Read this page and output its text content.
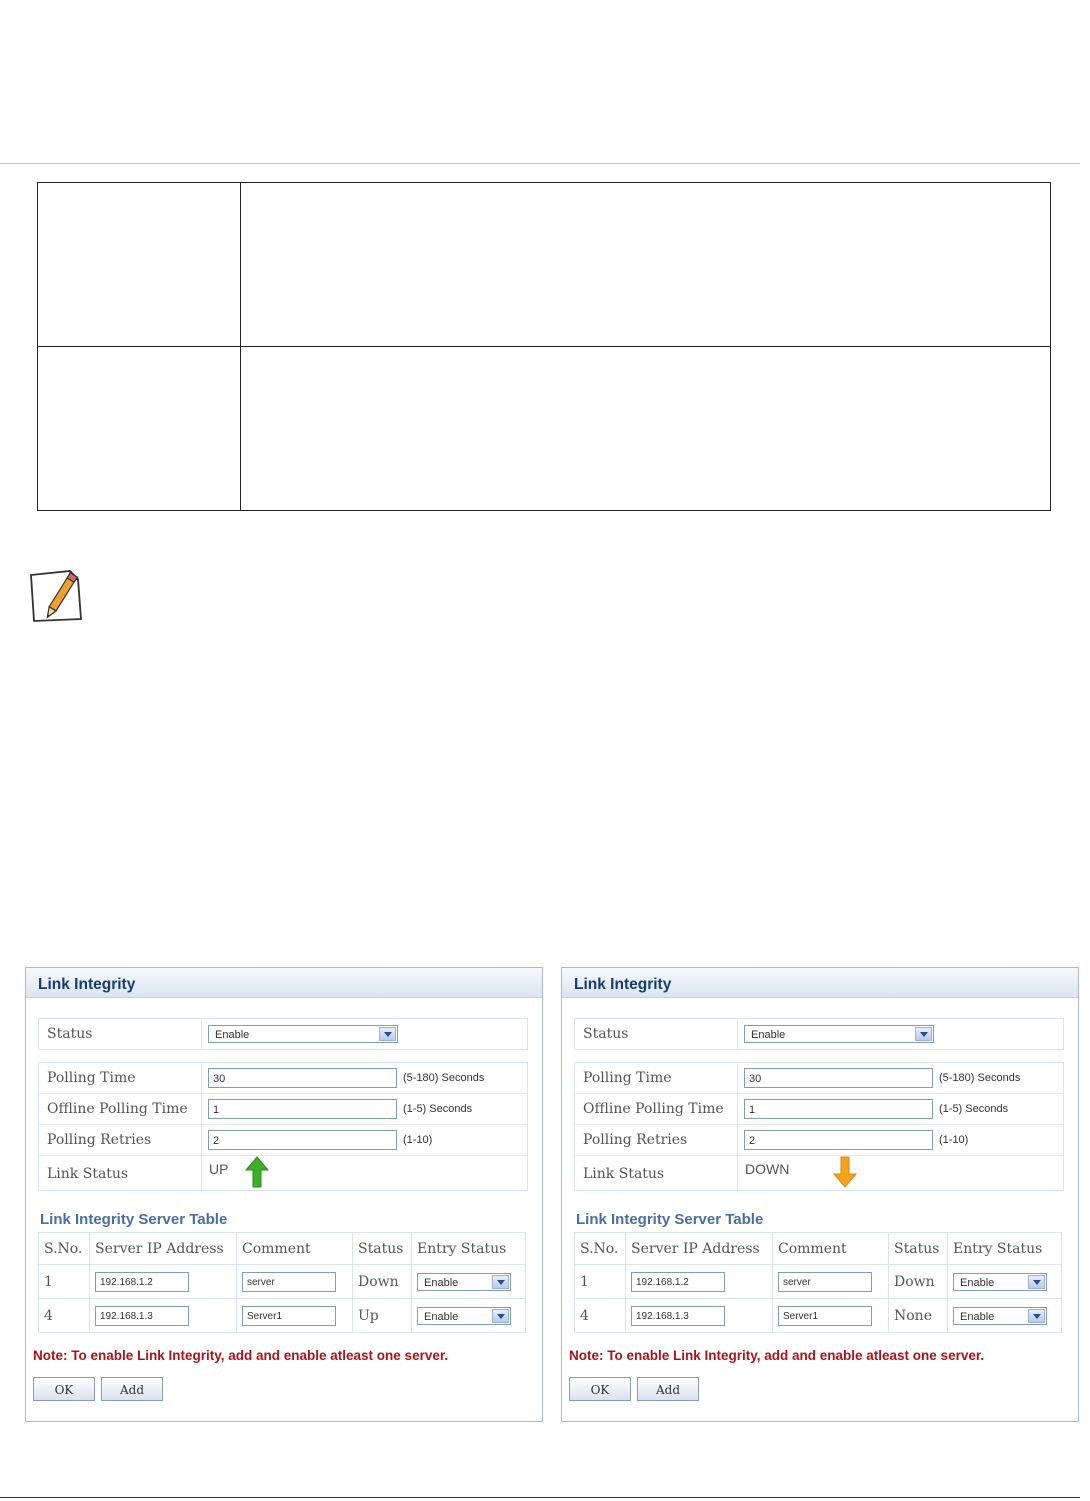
Link Integrity
Status	Enable
Polling Time	30	(5-180) Seconds
Offline Polling Time	1	(1-5) Seconds
Polling Retries	2	(1-10)
Link Status	UP
Link Integrity Server Table
S.No.	Server IP Address	Comment	Status	Entry Status
1	192.168.1.2	server	Down	Enable

4	192.168.1.3	Server1	Up	Enable
Note: To enable Link Integrity, add and enable atleast one server.
OK	Add
Link Integrity
Status	Enable
Polling Time	30	(5-180) Seconds
Offline Polling Time	1	(1-5) Seconds
Polling Retries	2	(1-10)
Link Status	DOWN
Link Integrity Server Table
S.No.	Server IP Address	Comment	Status	Entry Status
1	192.168.1.2	server	Down	Enable

4	192.168.1.3	Server1	None	Enable
Note: To enable Link Integrity, add and enable atleast one server.
OK	Add
